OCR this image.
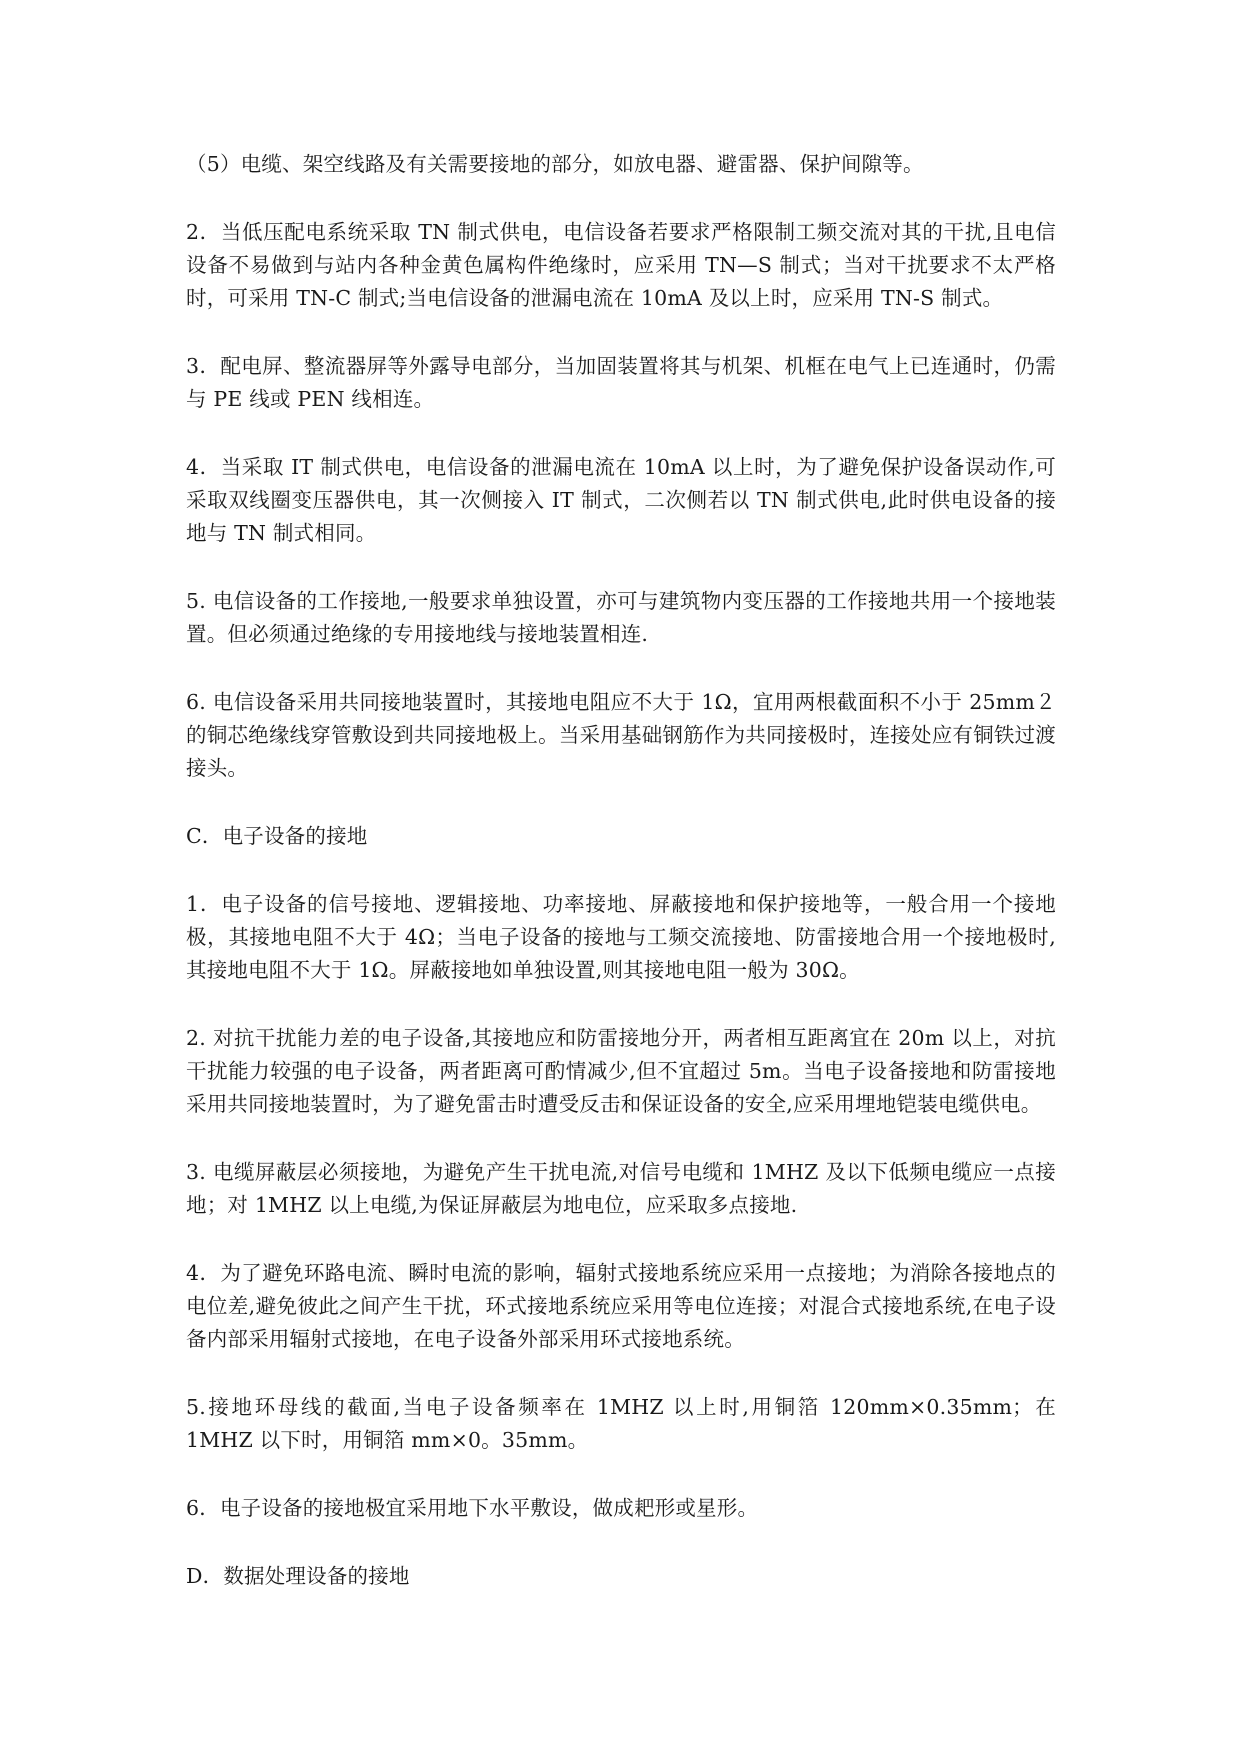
（5）电缆、架空线路及有关需要接地的部分，如放电器、避雷器、保护间隙等。

2．当低压配电系统采取 TN 制式供电，电信设备若要求严格限制工频交流对其的干扰,且电信设备不易做到与站内各种金黄色属构件绝缘时，应采用 TN—S 制式；当对干扰要求不太严格时，可采用 TN-C 制式;当电信设备的泄漏电流在 10mA 及以上时，应采用 TN-S 制式。

3．配电屏、整流器屏等外露导电部分，当加固装置将其与机架、机框在电气上已连通时，仍需与 PE 线或 PEN 线相连。

4．当采取 IT 制式供电，电信设备的泄漏电流在 10mA 以上时，为了避免保护设备误动作,可采取双线圈变压器供电，其一次侧接入 IT 制式，二次侧若以 TN 制式供电,此时供电设备的接地与 TN 制式相同。

5. 电信设备的工作接地,一般要求单独设置，亦可与建筑物内变压器的工作接地共用一个接地装置。但必须通过绝缘的专用接地线与接地装置相连.

6. 电信设备采用共同接地装置时，其接地电阻应不大于 1Ω，宜用两根截面积不小于 25mm２的铜芯绝缘线穿管敷设到共同接地极上。当采用基础钢筋作为共同接极时，连接处应有铜铁过渡接头。

C．电子设备的接地

1．电子设备的信号接地、逻辑接地、功率接地、屏蔽接地和保护接地等，一般合用一个接地极，其接地电阻不大于 4Ω；当电子设备的接地与工频交流接地、防雷接地合用一个接地极时,其接地电阻不大于 1Ω。屏蔽接地如单独设置,则其接地电阻一般为 30Ω。

2. 对抗干扰能力差的电子设备,其接地应和防雷接地分开，两者相互距离宜在 20m 以上，对抗干扰能力较强的电子设备，两者距离可酌情减少,但不宜超过 5m。当电子设备接地和防雷接地采用共同接地装置时，为了避免雷击时遭受反击和保证设备的安全,应采用埋地铠装电缆供电。

3. 电缆屏蔽层必须接地，为避免产生干扰电流,对信号电缆和 1MHZ 及以下低频电缆应一点接地；对 1MHZ 以上电缆,为保证屏蔽层为地电位，应采取多点接地.

4．为了避免环路电流、瞬时电流的影响，辐射式接地系统应采用一点接地；为消除各接地点的电位差,避免彼此之间产生干扰，环式接地系统应采用等电位连接；对混合式接地系统,在电子设备内部采用辐射式接地，在电子设备外部采用环式接地系统。

5.接地环母线的截面,当电子设备频率在 1MHZ 以上时,用铜箔 120mm×0.35mm；在 1MHZ 以下时，用铜箔 mm×0。35mm。

6．电子设备的接地极宜采用地下水平敷设，做成耙形或星形。

D．数据处理设备的接地
